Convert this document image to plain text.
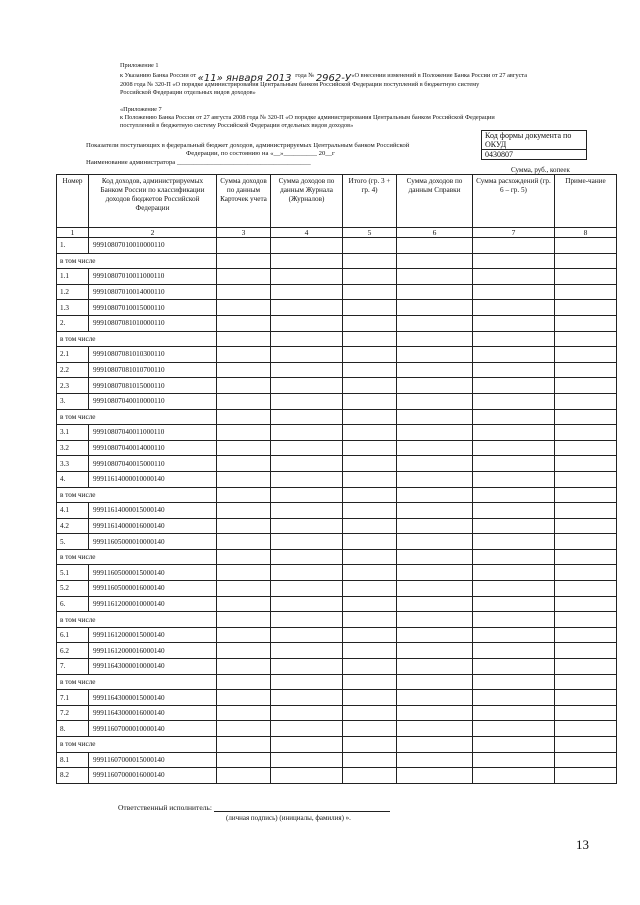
Приложение 1
к Указанию Банка России от «11» января 2013 года № 2962-У «О внесении изменений в Положение Банка России от 27 августа
2008 года № 320-П «О порядке администрирования Центральным банком Российской Федерации поступлений в бюджетную систему
Российской Федерации отдельных видов доходов»
«Приложение 7
к Положению Банка России от 27 августа 2008 года № 320-П «О порядке администрирования Центральным банком Российской Федерации
поступлений в бюджетную систему Российской Федерации отдельных видов доходов»
Код формы документа по ОКУД
0430807
Показатели поступающих в федеральный бюджет доходов, администрируемых Центральным банком Российской
Федерации, по состоянию на «__»__________ 20__г
Наименование администратора ________________________________________
Сумма, руб., копеек
Номер	Код доходов, администрируемых Банком России по классификации доходов бюджетов Российской Федерации	Сумма доходов по данным Карточек учета	Сумма доходов по данным Журнала (Журналов)	Итого (гр. 3 + гр. 4)	Сумма доходов по данным Справки	Сумма расхождений (гр. 6 – гр. 5)	Приме-чание
1	2	3	4	5	6	7	8
1.	99910807010010000110						
в том числе							
1.1	99910807010011000110						
1.2	99910807010014000110						
1.3	99910807010015000110						
2.	99910807081010000110						
в том числе							
2.1	99910807081010300110						
2.2	99910807081010700110						
2.3	99910807081015000110						
3.	99910807040010000110						
в том числе							
3.1	99910807040011000110						
3.2	99910807040014000110						
3.3	99910807040015000110						
4.	99911614000010000140						
в том числе							
4.1	99911614000015000140						
4.2	99911614000016000140						
5.	99911605000010000140						
в том числе							
5.1	99911605000015000140						
5.2	99911605000016000140						
6.	99911612000010000140						
в том числе							
6.1	99911612000015000140						
6.2	99911612000016000140						
7.	99911643000010000140						
в том числе							
7.1	99911643000015000140						
7.2	99911643000016000140						
8.	99911607000010000140						
в том числе							
8.1	99911607000015000140						
8.2	99911607000016000140						
Ответственный исполнитель:
(личная подпись) (инициалы, фамилия) ».
13
